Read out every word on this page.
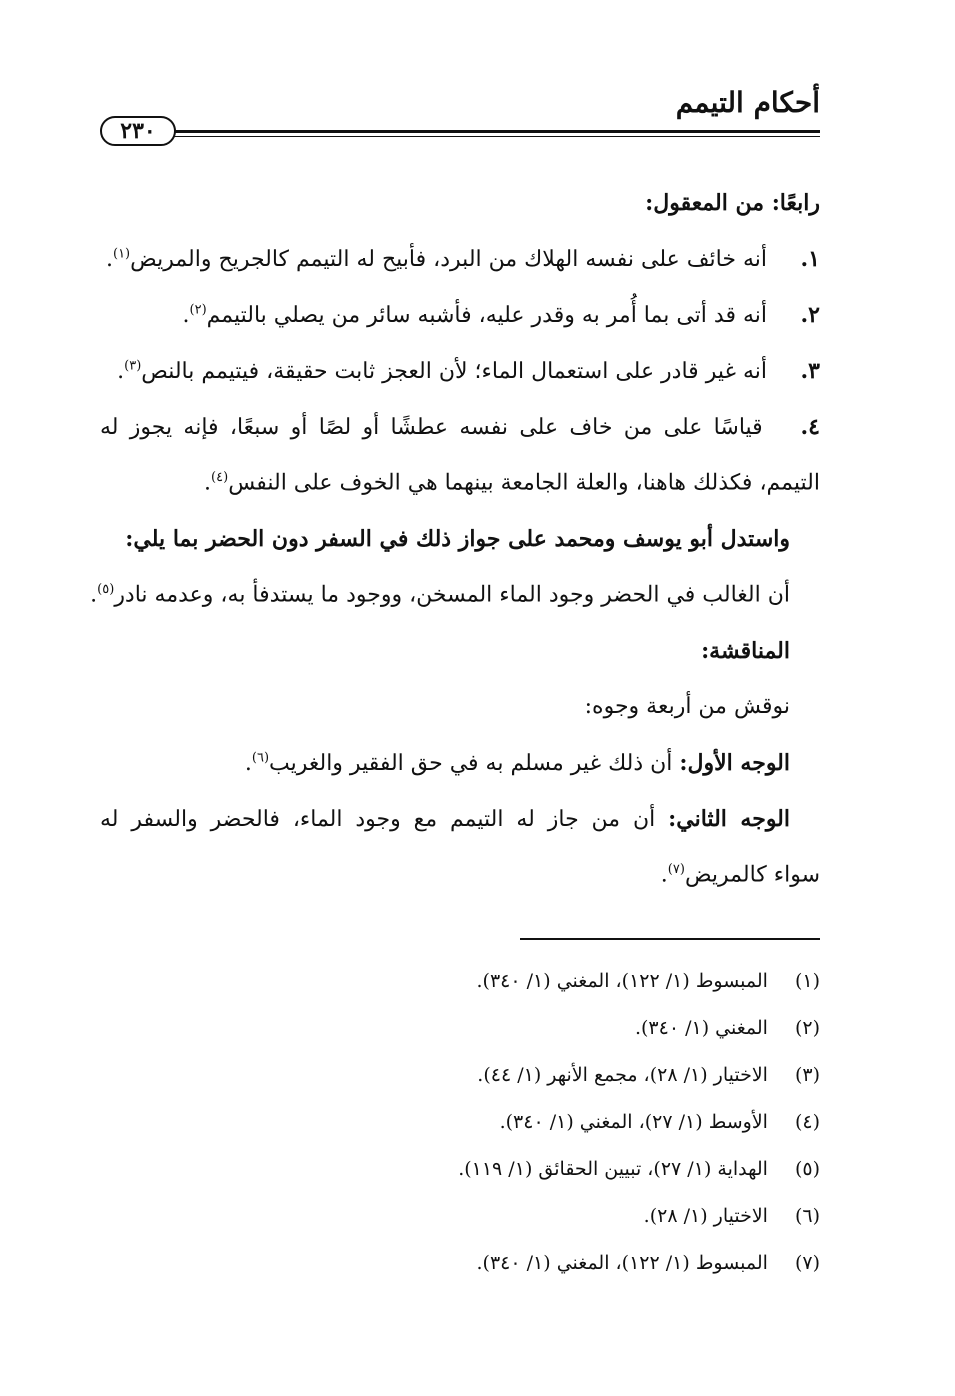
أحكام التيمم
٢٣٠
رابعًا: من المعقول:
١. أنه خائف على نفسه الهلاك من البرد، فأبيح له التيمم كالجريح والمريض$^{(١)}$.
٢. أنه قد أتى بما أُمر به وقدر عليه، فأشبه سائر من يصلي بالتيمم$^{(٢)}$.
٣. أنه غير قادر على استعمال الماء؛ لأن العجز ثابت حقيقة، فيتيمم بالنص$^{(٣)}$.
٤. قياسًا على من خاف على نفسه عطشًا أو لصًا أو سبعًا، فإنه يجوز له
التيمم، فكذلك هاهنا، والعلة الجامعة بينهما هي الخوف على النفس$^{(٤)}$.
واستدل أبو يوسف ومحمد على جواز ذلك في السفر دون الحضر بما يلي:
أن الغالب في الحضر وجود الماء المسخن، ووجود ما يستدفأ به، وعدمه نادر$^{(٥)}$.
المناقشة:
نوقش من أربعة وجوه:
الوجه الأول: أن ذلك غير مسلم به في حق الفقير والغريب$^{(٦)}$.
الوجه الثاني: أن من جاز له التيمم مع وجود الماء، فالحضر والسفر له
سواء كالمريض$^{(٧)}$.
(١) المبسوط (١/ ١٢٢)، المغني (١/ ٣٤٠).
(٢) المغني (١/ ٣٤٠).
(٣) الاختيار (١/ ٢٨)، مجمع الأنهر (١/ ٤٤).
(٤) الأوسط (١/ ٢٧)، المغني (١/ ٣٤٠).
(٥) الهداية (١/ ٢٧)، تبيين الحقائق (١/ ١١٩).
(٦) الاختيار (١/ ٢٨).
(٧) المبسوط (١/ ١٢٢)، المغني (١/ ٣٤٠).
